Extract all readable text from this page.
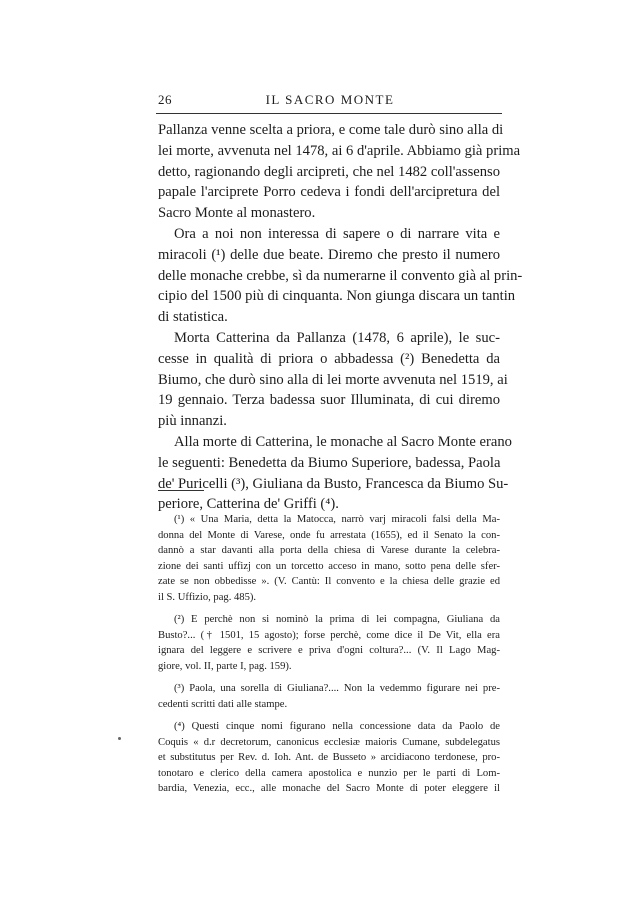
26	IL SACRO MONTE
Pallanza venne scelta a priora, e come tale durò sino alla di
lei morte, avvenuta nel 1478, ai 6 d'aprile. Abbiamo già prima
detto, ragionando degli arcipreti, che nel 1482 coll'assenso
papale l'arciprete Porro cedeva i fondi dell'arcipretura del
Sacro Monte al monastero.
Ora a noi non interessa di sapere o di narrare vita e
miracoli (¹) delle due beate. Diremo che presto il numero
delle monache crebbe, sì da numerarne il convento già al prin-
cipio del 1500 più di cinquanta. Non giunga discara un tantin
di statistica.
Morta Catterina da Pallanza (1478, 6 aprile), le suc-
cesse in qualità di priora o abbadessa (²) Benedetta da
Biumo, che durò sino alla di lei morte avvenuta nel 1519, ai
19 gennaio. Terza badessa suor Illuminata, di cui diremo
più innanzi.
Alla morte di Catterina, le monache al Sacro Monte erano
le seguenti: Benedetta da Biumo Superiore, badessa, Paola
de' Puricelli (³), Giuliana da Busto, Francesca da Biumo Su-
periore, Catterina de' Griffi (⁴).
(¹) « Una Maria, detta la Matocca, narrò varj miracoli falsi della Ma-
donna del Monte di Varese, onde fu arrestata (1655), ed il Senato la con-
dannò a star davanti alla porta della chiesa di Varese durante la celebra-
zione dei santi uffizj con un torcetto acceso in mano, sotto pena delle sfer-
zate se non obbedisse ». (V. Cantù: Il convento e la chiesa delle grazie ed
il S. Uffizio, pag. 485).
(²) E perchè non si nominò la prima di lei compagna, Giuliana da
Busto?... († 1501, 15 agosto); forse perchè, come dice il De Vit, ella era
ignara del leggere e scrivere e priva d'ogni coltura?... (V. Il Lago Mag-
giore, vol. II, parte I, pag. 159).
(³) Paola, una sorella di Giuliana?.... Non la vedemmo figurare nei pre-
cedenti scritti dati alle stampe.
(⁴) Questi cinque nomi figurano nella concessione data da Paolo de
Coquis « d.r decretorum, canonicus ecclesiæ maioris Cumane, subdelegatus
et substitutus per Rev. d. Ioh. Ant. de Busseto » arcidiacono terdonese, pro-
tonotaro e clerico della camera apostolica e nunzio per le parti di Lom-
bardia, Venezia, ecc., alle monache del Sacro Monte di poter eleggere il
